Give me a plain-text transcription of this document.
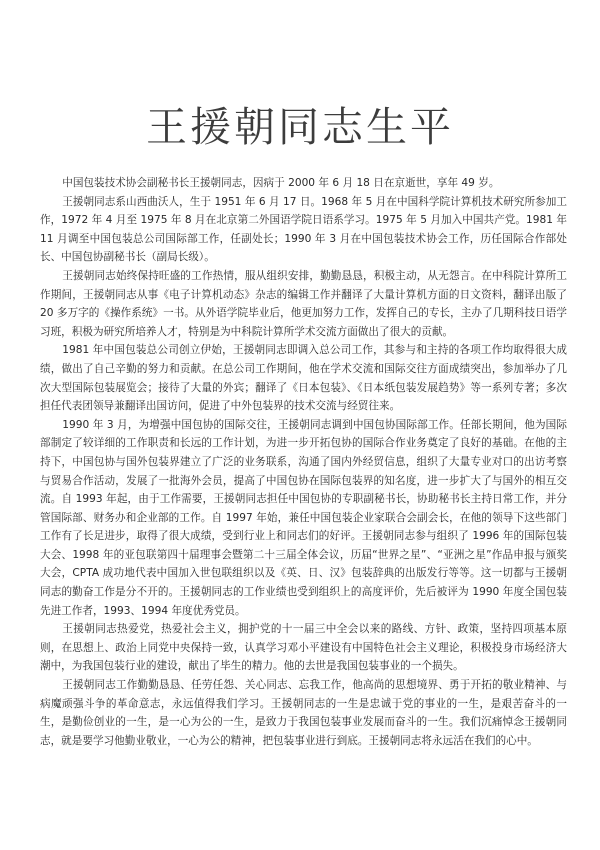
王援朝同志生平

中国包装技术协会副秘书长王援朝同志，因病于 2000 年 6 月 18 日在京逝世，享年 49 岁。

王援朝同志系山西曲沃人，生于 1951 年 6 月 17 日。1968 年 5 月在中国科学院计算机技术研究所参加工作，1972 年 4 月至 1975 年 8 月在北京第二外国语学院日语系学习。1975 年 5 月加入中国共产党。1981 年 11 月调至中国包装总公司国际部工作，任副处长；1990 年 3 月在中国包装技术协会工作，历任国际合作部处长、中国包协副秘书长（副局长级）。

王援朝同志始终保持旺盛的工作热情，服从组织安排，勤勤恳恳，积极主动，从无怨言。在中科院计算所工作期间，王援朝同志从事《电子计算机动态》杂志的编辑工作并翻译了大量计算机方面的日文资料，翻译出版了 20 多万字的《操作系统》一书。从外语学院毕业后，他更加努力工作，发挥自己的专长，主办了几期科技日语学习班，积极为研究所培养人才，特别是为中科院计算所学术交流方面做出了很大的贡献。

1981 年中国包装总公司创立伊始，王援朝同志即调入总公司工作，其参与和主持的各项工作均取得很大成绩，做出了自己辛勤的努力和贡献。在总公司工作期间，他在学术交流和国际交往方面成绩突出，参加举办了几次大型国际包装展览会；接待了大量的外宾；翻译了《日本包装》、《日本纸包装发展趋势》等一系列专著；多次担任代表团领导兼翻译出国访问，促进了中外包装界的技术交流与经贸往来。

1990 年 3 月，为增强中国包协的国际交往，王援朝同志调到中国包协国际部工作。任部长期间，他为国际部制定了较详细的工作职责和长远的工作计划，为进一步开拓包协的国际合作业务奠定了良好的基础。在他的主持下，中国包协与国外包装界建立了广泛的业务联系，沟通了国内外经贸信息，组织了大量专业对口的出访考察与贸易合作活动，发展了一批海外会员，提高了中国包协在国际包装界的知名度，进一步扩大了与国外的相互交流。自 1993 年起，由于工作需要，王援朝同志担任中国包协的专职副秘书长，协助秘书长主持日常工作，并分管国际部、财务办和企业部的工作。自 1997 年始，兼任中国包装企业家联合会副会长，在他的领导下这些部门工作有了长足进步，取得了很大成绩，受到行业上和同志们的好评。王援朝同志参与组织了 1996 年的国际包装大会、1998 年的亚包联第四十届理事会暨第二十三届全体会议，历届“世界之星”、“亚洲之星”作品申报与颁奖大会，CPTA 成功地代表中国加入世包联组织以及《英、日、汉》包装辞典的出版发行等等。这一切都与王援朝同志的勤奋工作是分不开的。王援朝同志的工作业绩也受到组织上的高度评价，先后被评为 1990 年度全国包装先进工作者，1993、1994 年度优秀党员。

王援朝同志热爱党，热爱社会主义，拥护党的十一届三中全会以来的路线、方针、政策，坚持四项基本原则，在思想上、政治上同党中央保持一致，认真学习邓小平建设有中国特色社会主义理论，积极投身市场经济大潮中，为我国包装行业的建设，献出了毕生的精力。他的去世是我国包装事业的一个损失。

王援朝同志工作勤勤恳恳、任劳任怨、关心同志、忘我工作，他高尚的思想境界、勇于开拓的敬业精神、与病魔顽强斗争的革命意志，永远值得我们学习。王援朝同志的一生是忠诚于党的事业的一生，是艰苦奋斗的一生，是勤俭创业的一生，是一心为公的一生，是致力于我国包装事业发展而奋斗的一生。我们沉痛悼念王援朝同志，就是要学习他勤业敬业，一心为公的精神，把包装事业进行到底。王援朝同志将永远活在我们的心中。
